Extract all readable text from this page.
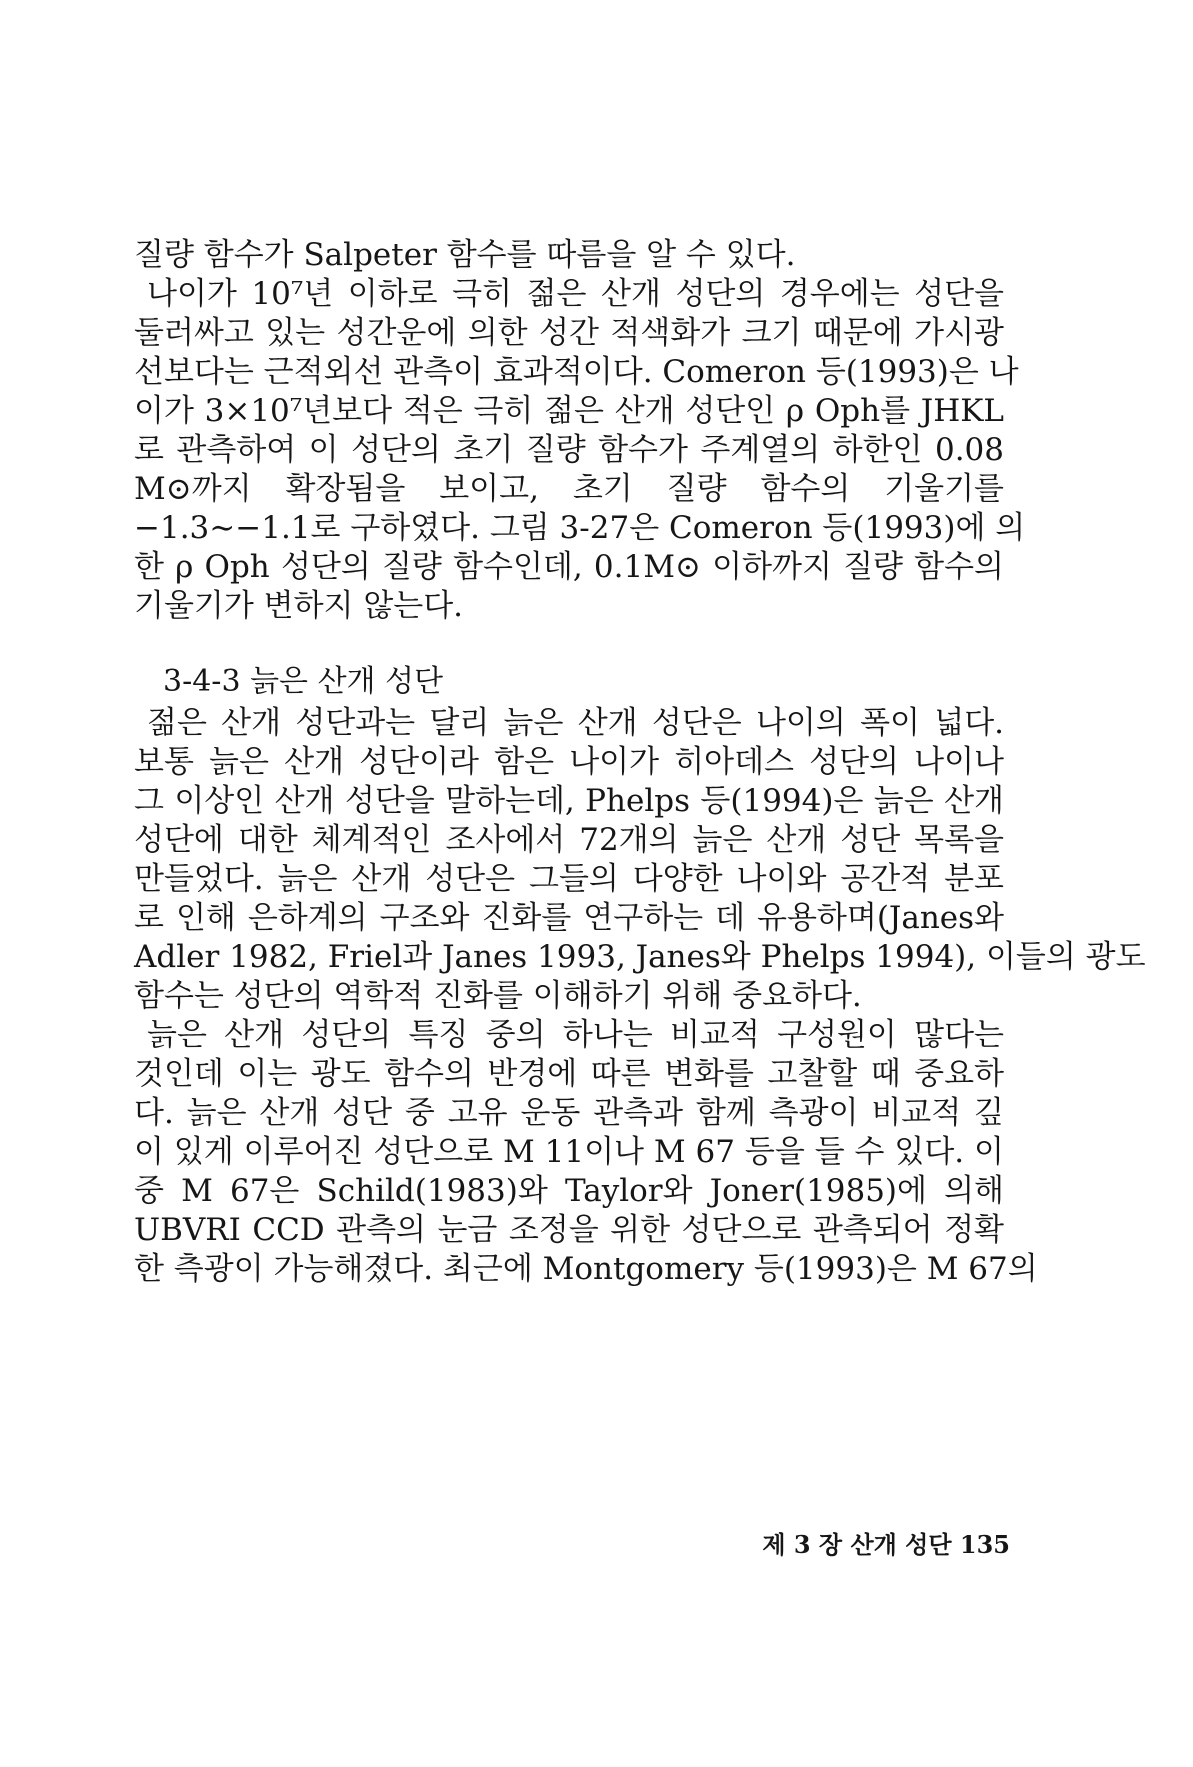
질량 함수가 Salpeter 함수를 따름을 알 수 있다.
나이가 10⁷년 이하로 극히 젊은 산개 성단의 경우에는 성단을
둘러싸고 있는 성간운에 의한 성간 적색화가 크기 때문에 가시광
선보다는 근적외선 관측이 효과적이다. Comeron 등(1993)은 나
이가 3×10⁷년보다 적은 극히 젊은 산개 성단인 ρ Oph를 JHKL
로 관측하여 이 성단의 초기 질량 함수가 주계열의 하한인 0.08
M⊙까지 확장됨을 보이고, 초기 질량 함수의 기울기를
−1.3∼−1.1로 구하였다. 그림 3-27은 Comeron 등(1993)에 의
한 ρ Oph 성단의 질량 함수인데, 0.1M⊙ 이하까지 질량 함수의
기울기가 변하지 않는다.
3-4-3 늙은 산개 성단
젊은 산개 성단과는 달리 늙은 산개 성단은 나이의 폭이 넓다.
보통 늙은 산개 성단이라 함은 나이가 히아데스 성단의 나이나
그 이상인 산개 성단을 말하는데, Phelps 등(1994)은 늙은 산개
성단에 대한 체계적인 조사에서 72개의 늙은 산개 성단 목록을
만들었다. 늙은 산개 성단은 그들의 다양한 나이와 공간적 분포
로 인해 은하계의 구조와 진화를 연구하는 데 유용하며(Janes와
Adler 1982, Friel과 Janes 1993, Janes와 Phelps 1994), 이들의 광도
함수는 성단의 역학적 진화를 이해하기 위해 중요하다.
늙은 산개 성단의 특징 중의 하나는 비교적 구성원이 많다는
것인데 이는 광도 함수의 반경에 따른 변화를 고찰할 때 중요하
다. 늙은 산개 성단 중 고유 운동 관측과 함께 측광이 비교적 깊
이 있게 이루어진 성단으로 M 11이나 M 67 등을 들 수 있다. 이
중 M 67은 Schild(1983)와 Taylor와 Joner(1985)에 의해
UBVRI CCD 관측의 눈금 조정을 위한 성단으로 관측되어 정확
한 측광이 가능해졌다. 최근에 Montgomery 등(1993)은 M 67의
제 3 장 산개 성단 135
